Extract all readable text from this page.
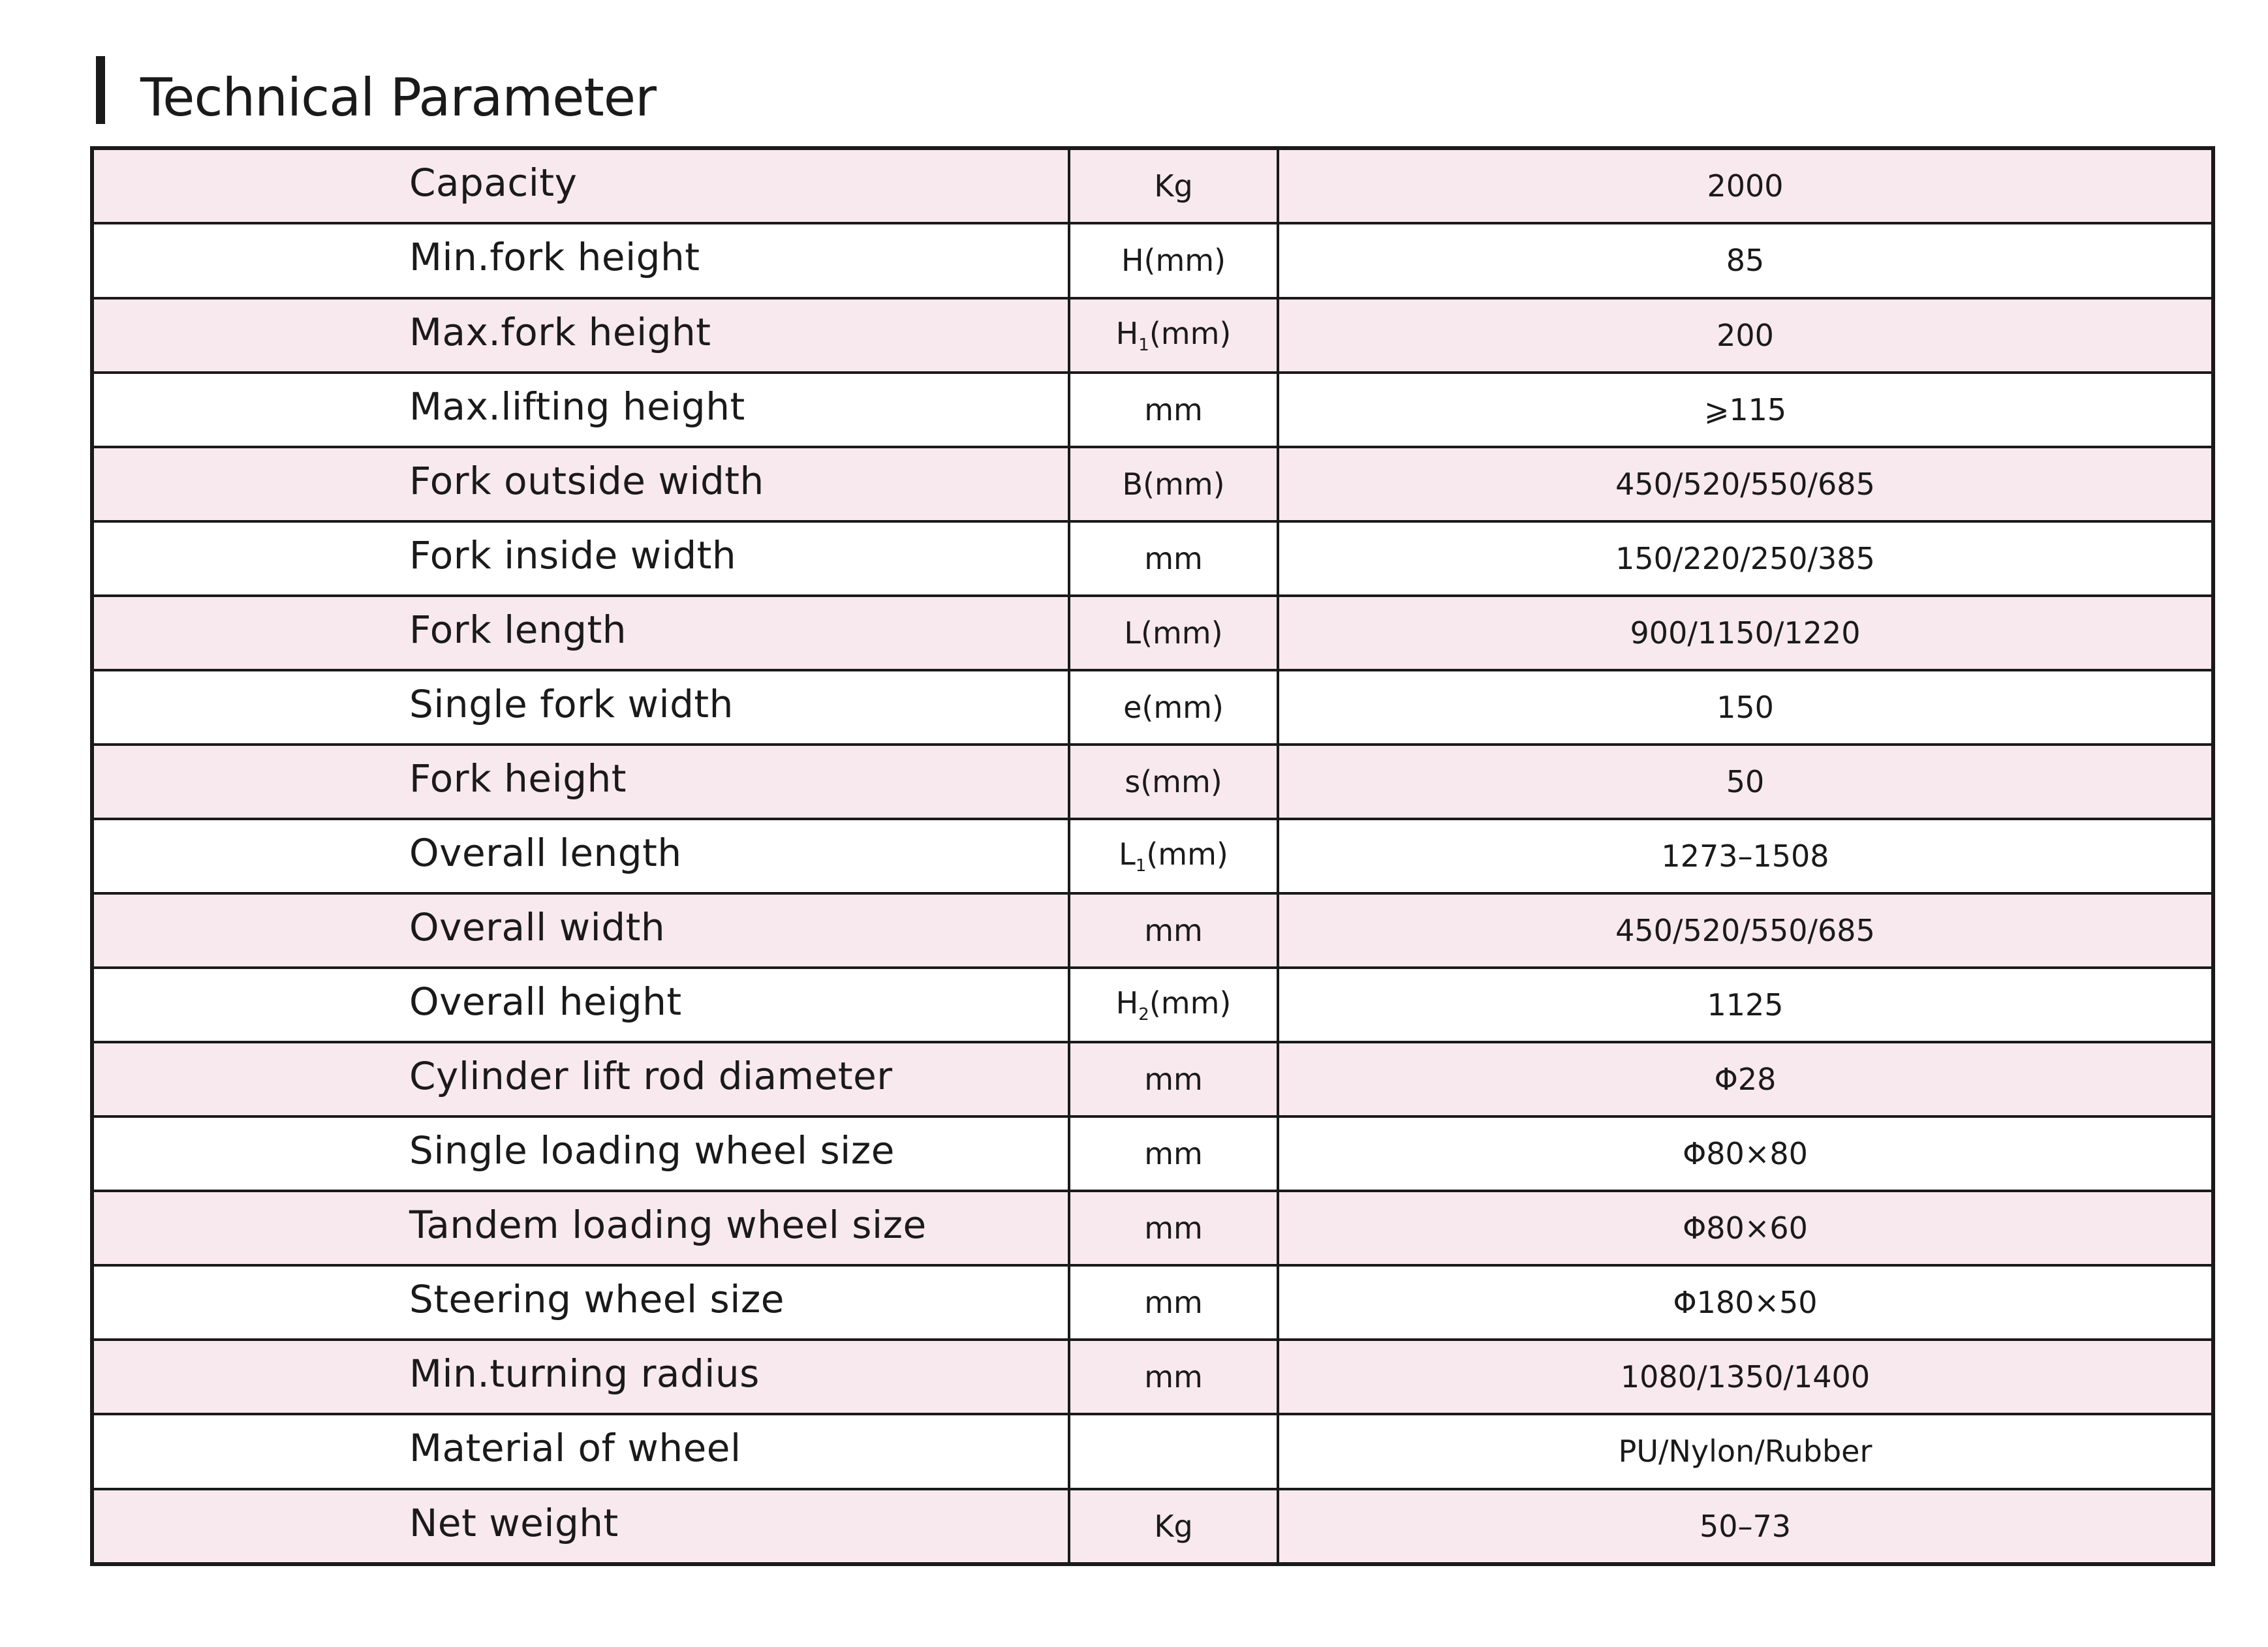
Technical Parameter
Capacity	Kg	2000
Min.fork height	H(mm)	85
Max.fork height	$H_1(mm)$	200
Max.lifting height	mm	⩾115
Fork outside width	B(mm)	450/520/550/685
Fork inside width	mm	150/220/250/385
Fork length	L(mm)	900/1150/1220
Single fork width	e(mm)	150
Fork height	s(mm)	50
Overall length	$L_1(mm)$	1273–1508
Overall width	mm	450/520/550/685
Overall height	$H_2(mm)$	1125
Cylinder lift rod diameter	mm	Φ28
Single loading wheel size	mm	Φ80×80
Tandem loading wheel size	mm	Φ80×60
Steering wheel size	mm	Φ180×50
Min.turning radius	mm	1080/1350/1400
Material of wheel		PU/Nylon/Rubber
Net weight	Kg	50–73
